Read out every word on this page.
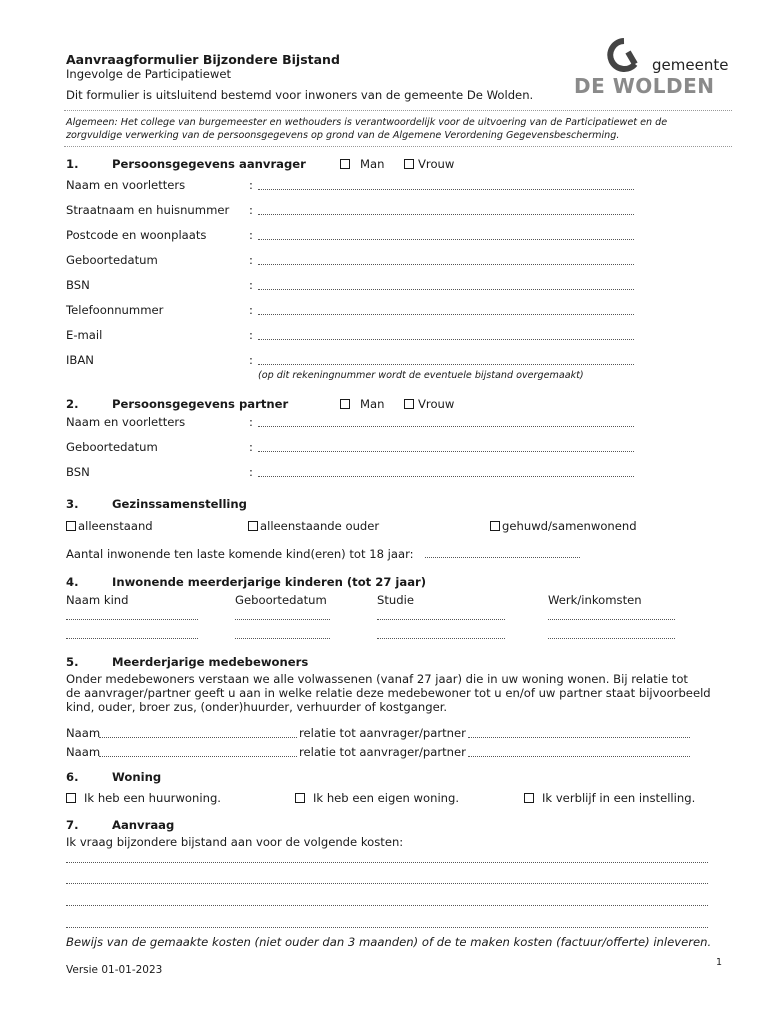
Aanvraagformulier Bijzondere Bijstand
Ingevolge de Participatiewet
Dit formulier is uitsluitend bestemd voor inwoners van de gemeente De Wolden.
gemeente
DE WOLDEN
Algemeen: Het college van burgemeester en wethouders is verantwoordelijk voor de uitvoering van de Participatiewet en de
zorgvuldige verwerking van de persoonsgegevens op grond van de Algemene Verordening Gegevensbescherming.
1.	Persoonsgegevens aanvrager	Man	Vrouw
Naam en voorletters	:
Straatnaam en huisnummer :
Postcode en woonplaats	:
Geboortedatum	:
BSN	:
Telefoonnummer	:
E-mail	:
IBAN	:
(op dit rekeningnummer wordt de eventuele bijstand overgemaakt)
2.	Persoonsgegevens partner	Man	Vrouw
Naam en voorletters	:
Geboortedatum	:
BSN	:
3.	Gezinssamenstelling
alleenstaand	alleenstaande ouder	gehuwd/samenwonend
Aantal inwonende ten laste komende kind(eren) tot 18 jaar:
4.	Inwonende meerderjarige kinderen (tot 27 jaar)
Naam kind	Geboortedatum	Studie	Werk/inkomsten
5.	Meerderjarige medebewoners
Onder medebewoners verstaan we alle volwassenen (vanaf 27 jaar) die in uw woning wonen. Bij relatie tot
de aanvrager/partner geeft u aan in welke relatie deze medebewoner tot u en/of uw partner staat bijvoorbeeld
kind, ouder, broer zus, (onder)huurder, verhuurder of kostganger.
Naam	relatie tot aanvrager/partner
Naam	relatie tot aanvrager/partner
6.	Woning
Ik heb een huurwoning.	Ik heb een eigen woning.	Ik verblijf in een instelling.
7.	Aanvraag
Ik vraag bijzondere bijstand aan voor de volgende kosten:
Bewijs van de gemaakte kosten (niet ouder dan 3 maanden) of de te maken kosten (factuur/offerte) inleveren.
Versie 01-01-2023
1
